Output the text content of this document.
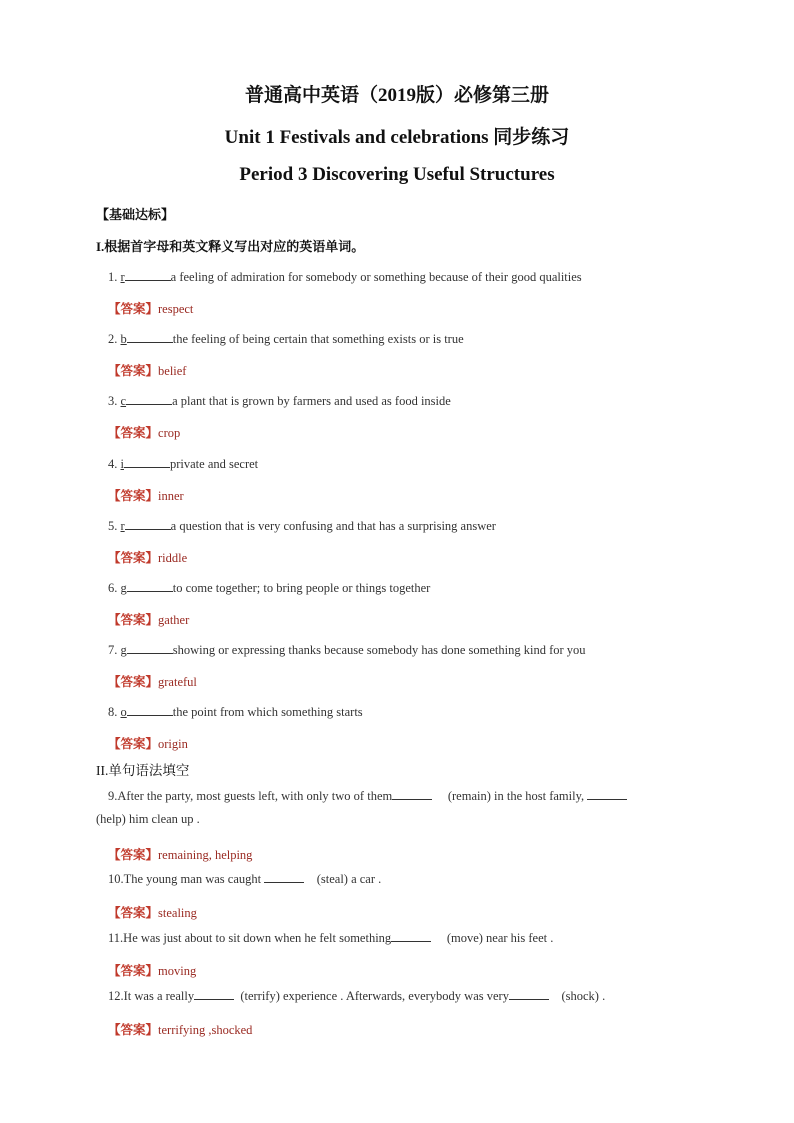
普通高中英语（2019版）必修第三册
Unit 1 Festivals and celebrations 同步练习
Period 3 Discovering Useful Structures
【基础达标】
I.根据首字母和英文释义写出对应的英语单词。
1. r	a feeling of admiration for somebody or something because of their good qualities
【答案】respect
2. b	the feeling of being certain that something exists or is true
【答案】belief
3. c	a plant that is grown by farmers and used as food inside
【答案】crop
4. i	private and secret
【答案】inner
5. r	a question that is very confusing and that has a surprising answer
【答案】riddle
6. g	to come together; to bring people or things together
【答案】gather
7. g	showing or expressing thanks because somebody has done something kind for you
【答案】grateful
8. o	the point from which something starts
【答案】origin
II.单句语法填空
9.After the party, most guests left, with only two of them	(remain) in the host family,
(help) him clean up .
【答案】remaining, helping
10.The young man was caught	(steal) a car .
【答案】stealing
11.He was just about to sit down when he felt something	(move) near his feet .
【答案】moving
12.It was a really	(terrify) experience . Afterwards, everybody was very	(shock) .
【答案】terrifying ,shocked
